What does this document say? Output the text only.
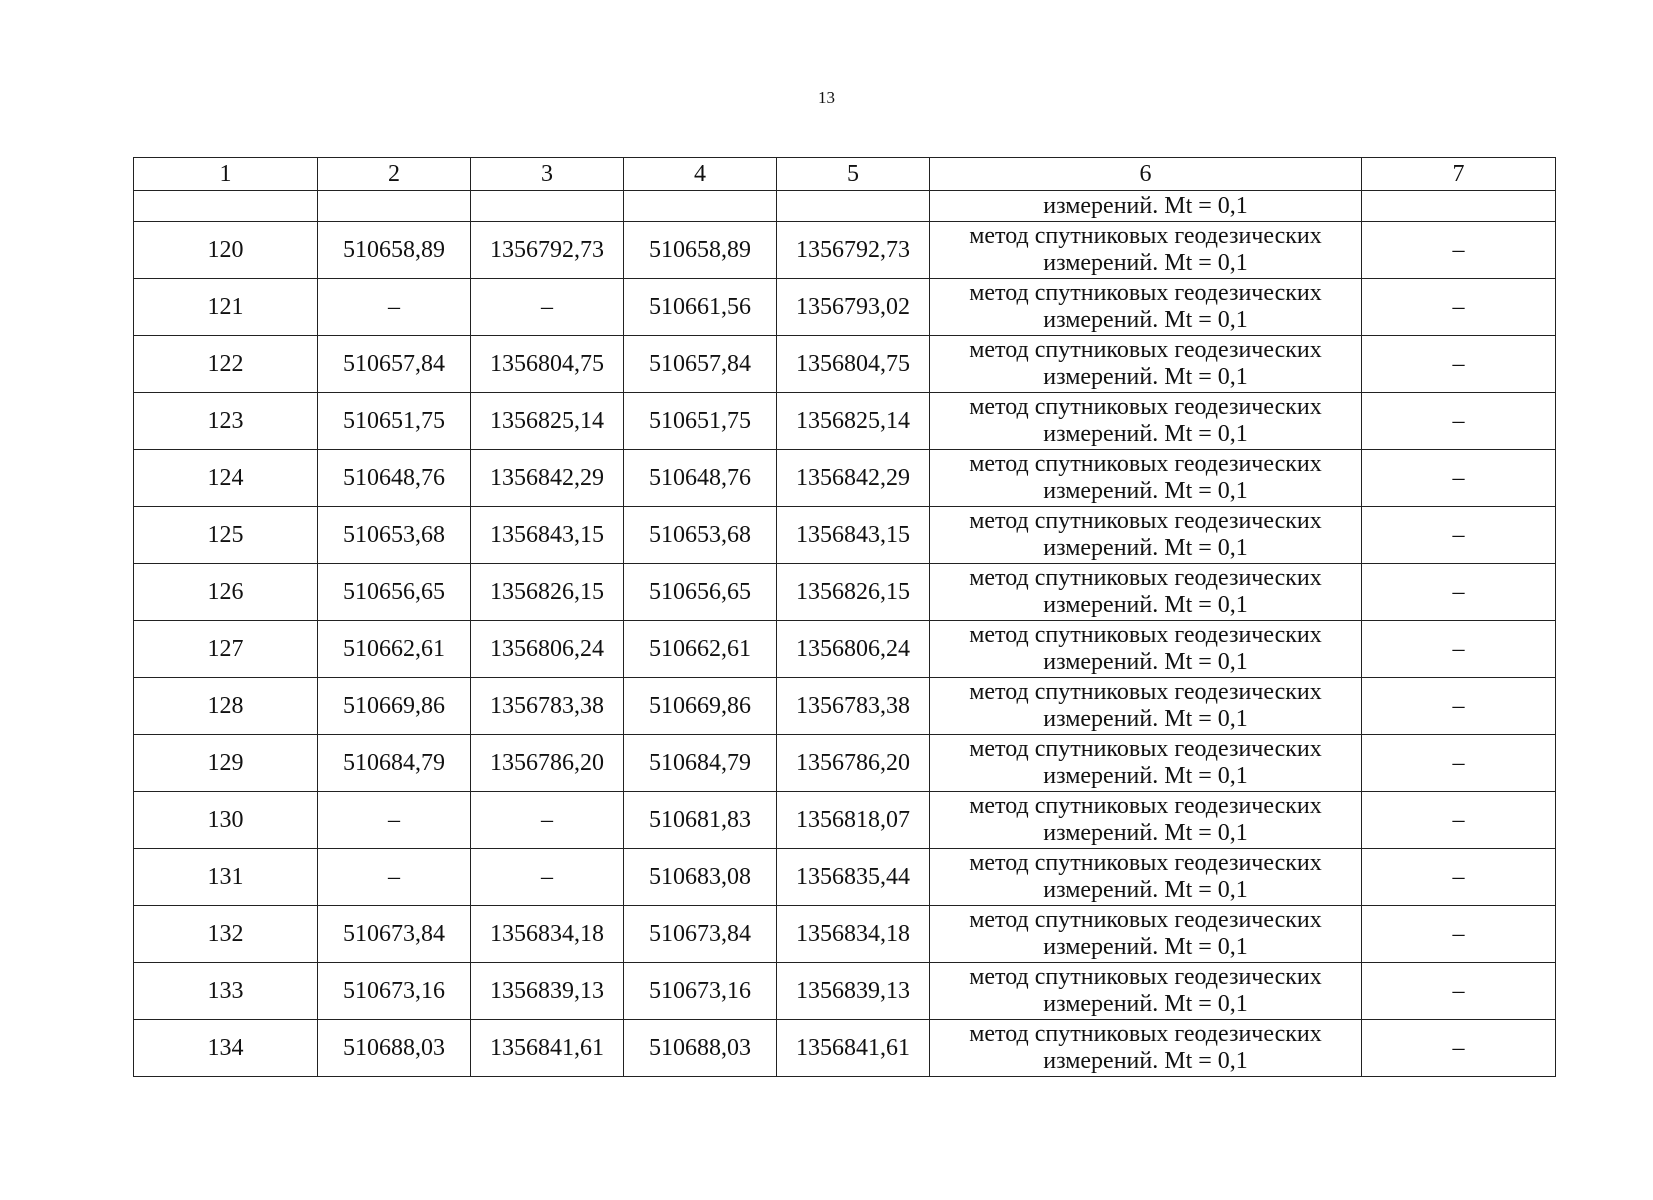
13
1	2	3	4	5	6	7
					измерений. Mt = 0,1	
120	510658,89	1356792,73	510658,89	1356792,73	метод спутниковых геодезических
измерений. Mt = 0,1	–
121	–	–	510661,56	1356793,02	метод спутниковых геодезических
измерений. Mt = 0,1	–
122	510657,84	1356804,75	510657,84	1356804,75	метод спутниковых геодезических
измерений. Mt = 0,1	–
123	510651,75	1356825,14	510651,75	1356825,14	метод спутниковых геодезических
измерений. Mt = 0,1	–
124	510648,76	1356842,29	510648,76	1356842,29	метод спутниковых геодезических
измерений. Mt = 0,1	–
125	510653,68	1356843,15	510653,68	1356843,15	метод спутниковых геодезических
измерений. Mt = 0,1	–
126	510656,65	1356826,15	510656,65	1356826,15	метод спутниковых геодезических
измерений. Mt = 0,1	–
127	510662,61	1356806,24	510662,61	1356806,24	метод спутниковых геодезических
измерений. Mt = 0,1	–
128	510669,86	1356783,38	510669,86	1356783,38	метод спутниковых геодезических
измерений. Mt = 0,1	–
129	510684,79	1356786,20	510684,79	1356786,20	метод спутниковых геодезических
измерений. Mt = 0,1	–
130	–	–	510681,83	1356818,07	метод спутниковых геодезических
измерений. Mt = 0,1	–
131	–	–	510683,08	1356835,44	метод спутниковых геодезических
измерений. Mt = 0,1	–
132	510673,84	1356834,18	510673,84	1356834,18	метод спутниковых геодезических
измерений. Mt = 0,1	–
133	510673,16	1356839,13	510673,16	1356839,13	метод спутниковых геодезических
измерений. Mt = 0,1	–
134	510688,03	1356841,61	510688,03	1356841,61	метод спутниковых геодезических
измерений. Mt = 0,1	–
